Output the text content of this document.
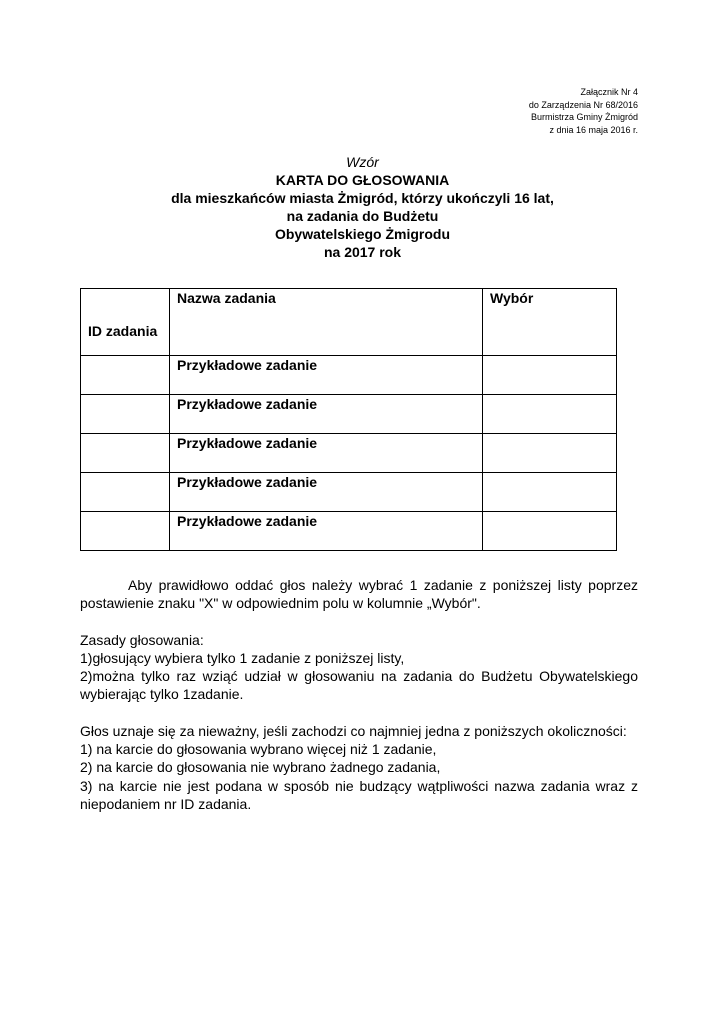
Załącznik Nr 4
do Zarządzenia Nr 68/2016
Burmistrza Gminy Żmigród
z dnia 16 maja 2016 r.
Wzór
KARTA DO GŁOSOWANIA
dla mieszkańców miasta Żmigród, którzy ukończyli 16 lat,
na zadania do Budżetu
Obywatelskiego Żmigrodu
na 2017 rok
ID zadania	Nazwa zadania	Wybór
	Przykładowe zadanie	
	Przykładowe zadanie	
	Przykładowe zadanie	
	Przykładowe zadanie	
	Przykładowe zadanie	

Aby prawidłowo oddać głos należy wybrać 1 zadanie z poniższej listy poprzez postawienie znaku "X" w odpowiednim polu w kolumnie „Wybór".

Zasady głosowania:

1)głosujący wybiera tylko 1 zadanie z poniższej listy,

2)można tylko raz wziąć udział w głosowaniu na zadania do Budżetu Obywatelskiego wybierając tylko 1zadanie.

Głos uznaje się za nieważny, jeśli zachodzi co najmniej jedna z poniższych okoliczności:

1) na karcie do głosowania wybrano więcej niż 1 zadanie,

2) na karcie do głosowania nie wybrano żadnego zadania,

3) na karcie nie jest podana w sposób nie budzący wątpliwości nazwa zadania wraz z niepodaniem nr ID zadania.
